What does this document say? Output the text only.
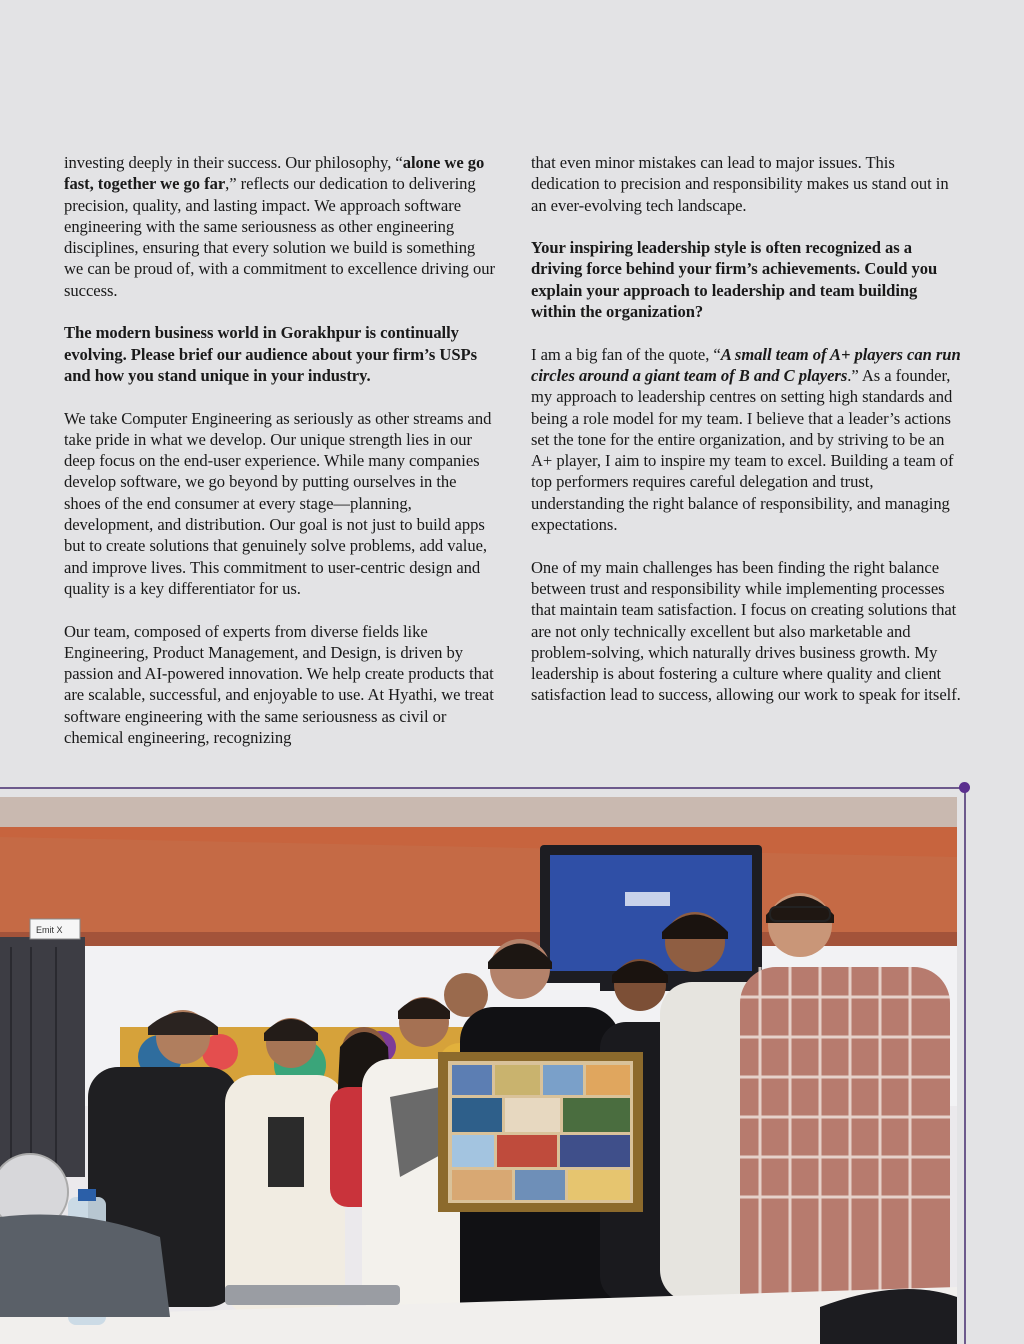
investing deeply in their success. Our philosophy, “alone we go fast, together we go far,” reflects our dedication to delivering precision, quality, and lasting impact. We approach software engineering with the same seriousness as other engineering disciplines, ensuring that every solution we build is something we can be proud of, with a commitment to excellence driving our success.

The modern business world in Gorakhpur is continually evolving. Please brief our audience about your firm’s USPs and how you stand unique in your industry.

We take Computer Engineering as seriously as other streams and take pride in what we develop. Our unique strength lies in our deep focus on the end-user experience. While many companies develop software, we go beyond by putting ourselves in the shoes of the end consumer at every stage—planning, development, and distribution. Our goal is not just to build apps but to create solutions that genuinely solve problems, add value, and improve lives. This commitment to user-centric design and quality is a key differentiator for us.

Our team, composed of experts from diverse fields like Engineering, Product Management, and Design, is driven by passion and AI-powered innovation. We help create products that are scalable, successful, and enjoyable to use. At Hyathi, we treat software engineering with the same seriousness as civil or chemical engineering, recognizing

that even minor mistakes can lead to major issues. This dedication to precision and responsibility makes us stand out in an ever-evolving tech landscape.

Your inspiring leadership style is often recognized as a driving force behind your firm’s achievements. Could you explain your approach to leadership and team building within the organization?

I am a big fan of the quote, “A small team of A+ players can run circles around a giant team of B and C players.” As a founder, my approach to leadership centres on setting high standards and being a role model for my team. I believe that a leader’s actions set the tone for the entire organization, and by striving to be an A+ player, I aim to inspire my team to excel. Building a team of top performers requires careful delegation and trust, understanding the right balance of responsibility, and managing expectations.

One of my main challenges has been finding the right balance between trust and responsibility while implementing processes that maintain team satisfaction. I focus on creating solutions that are not only technically excellent but also marketable and problem-solving, which naturally drives business growth. My leadership is about fostering a culture where quality and client satisfaction lead to success, allowing our work to speak for itself.

Emit X
